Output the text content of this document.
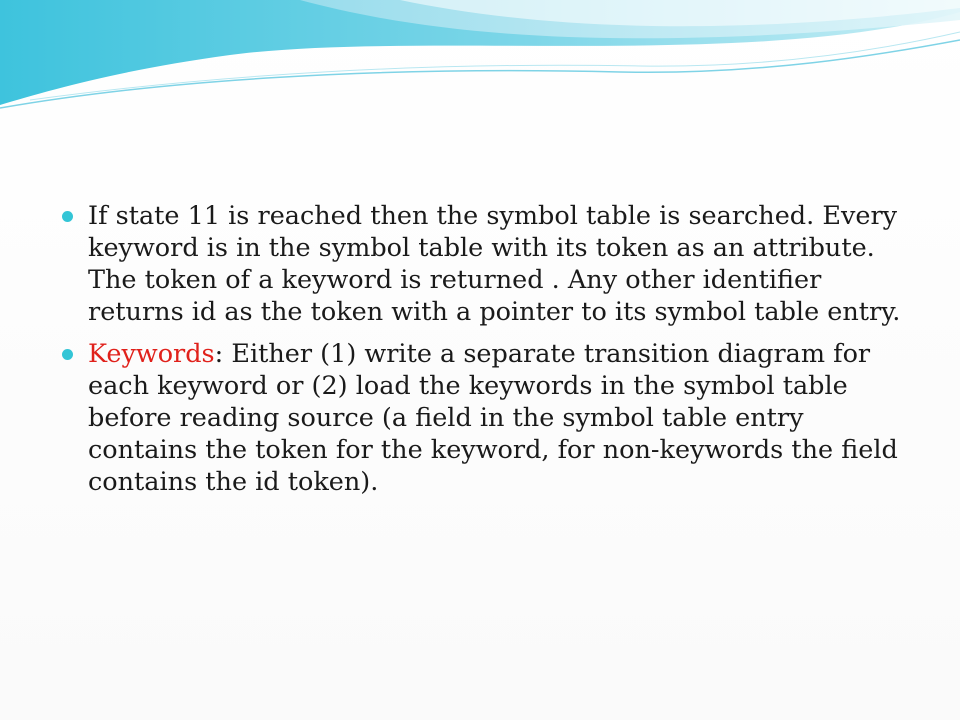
If state 11 is reached then the symbol table is searched. Every keyword is in the symbol table with its token as an attribute. The token of a keyword is returned . Any other identifier returns id as the token with a pointer to its symbol table entry.
Keywords: Either (1) write a separate transition diagram for each keyword or (2) load the keywords in the symbol table before reading source (a field in the symbol table entry contains the token for the keyword, for non-keywords the field contains the id token).
